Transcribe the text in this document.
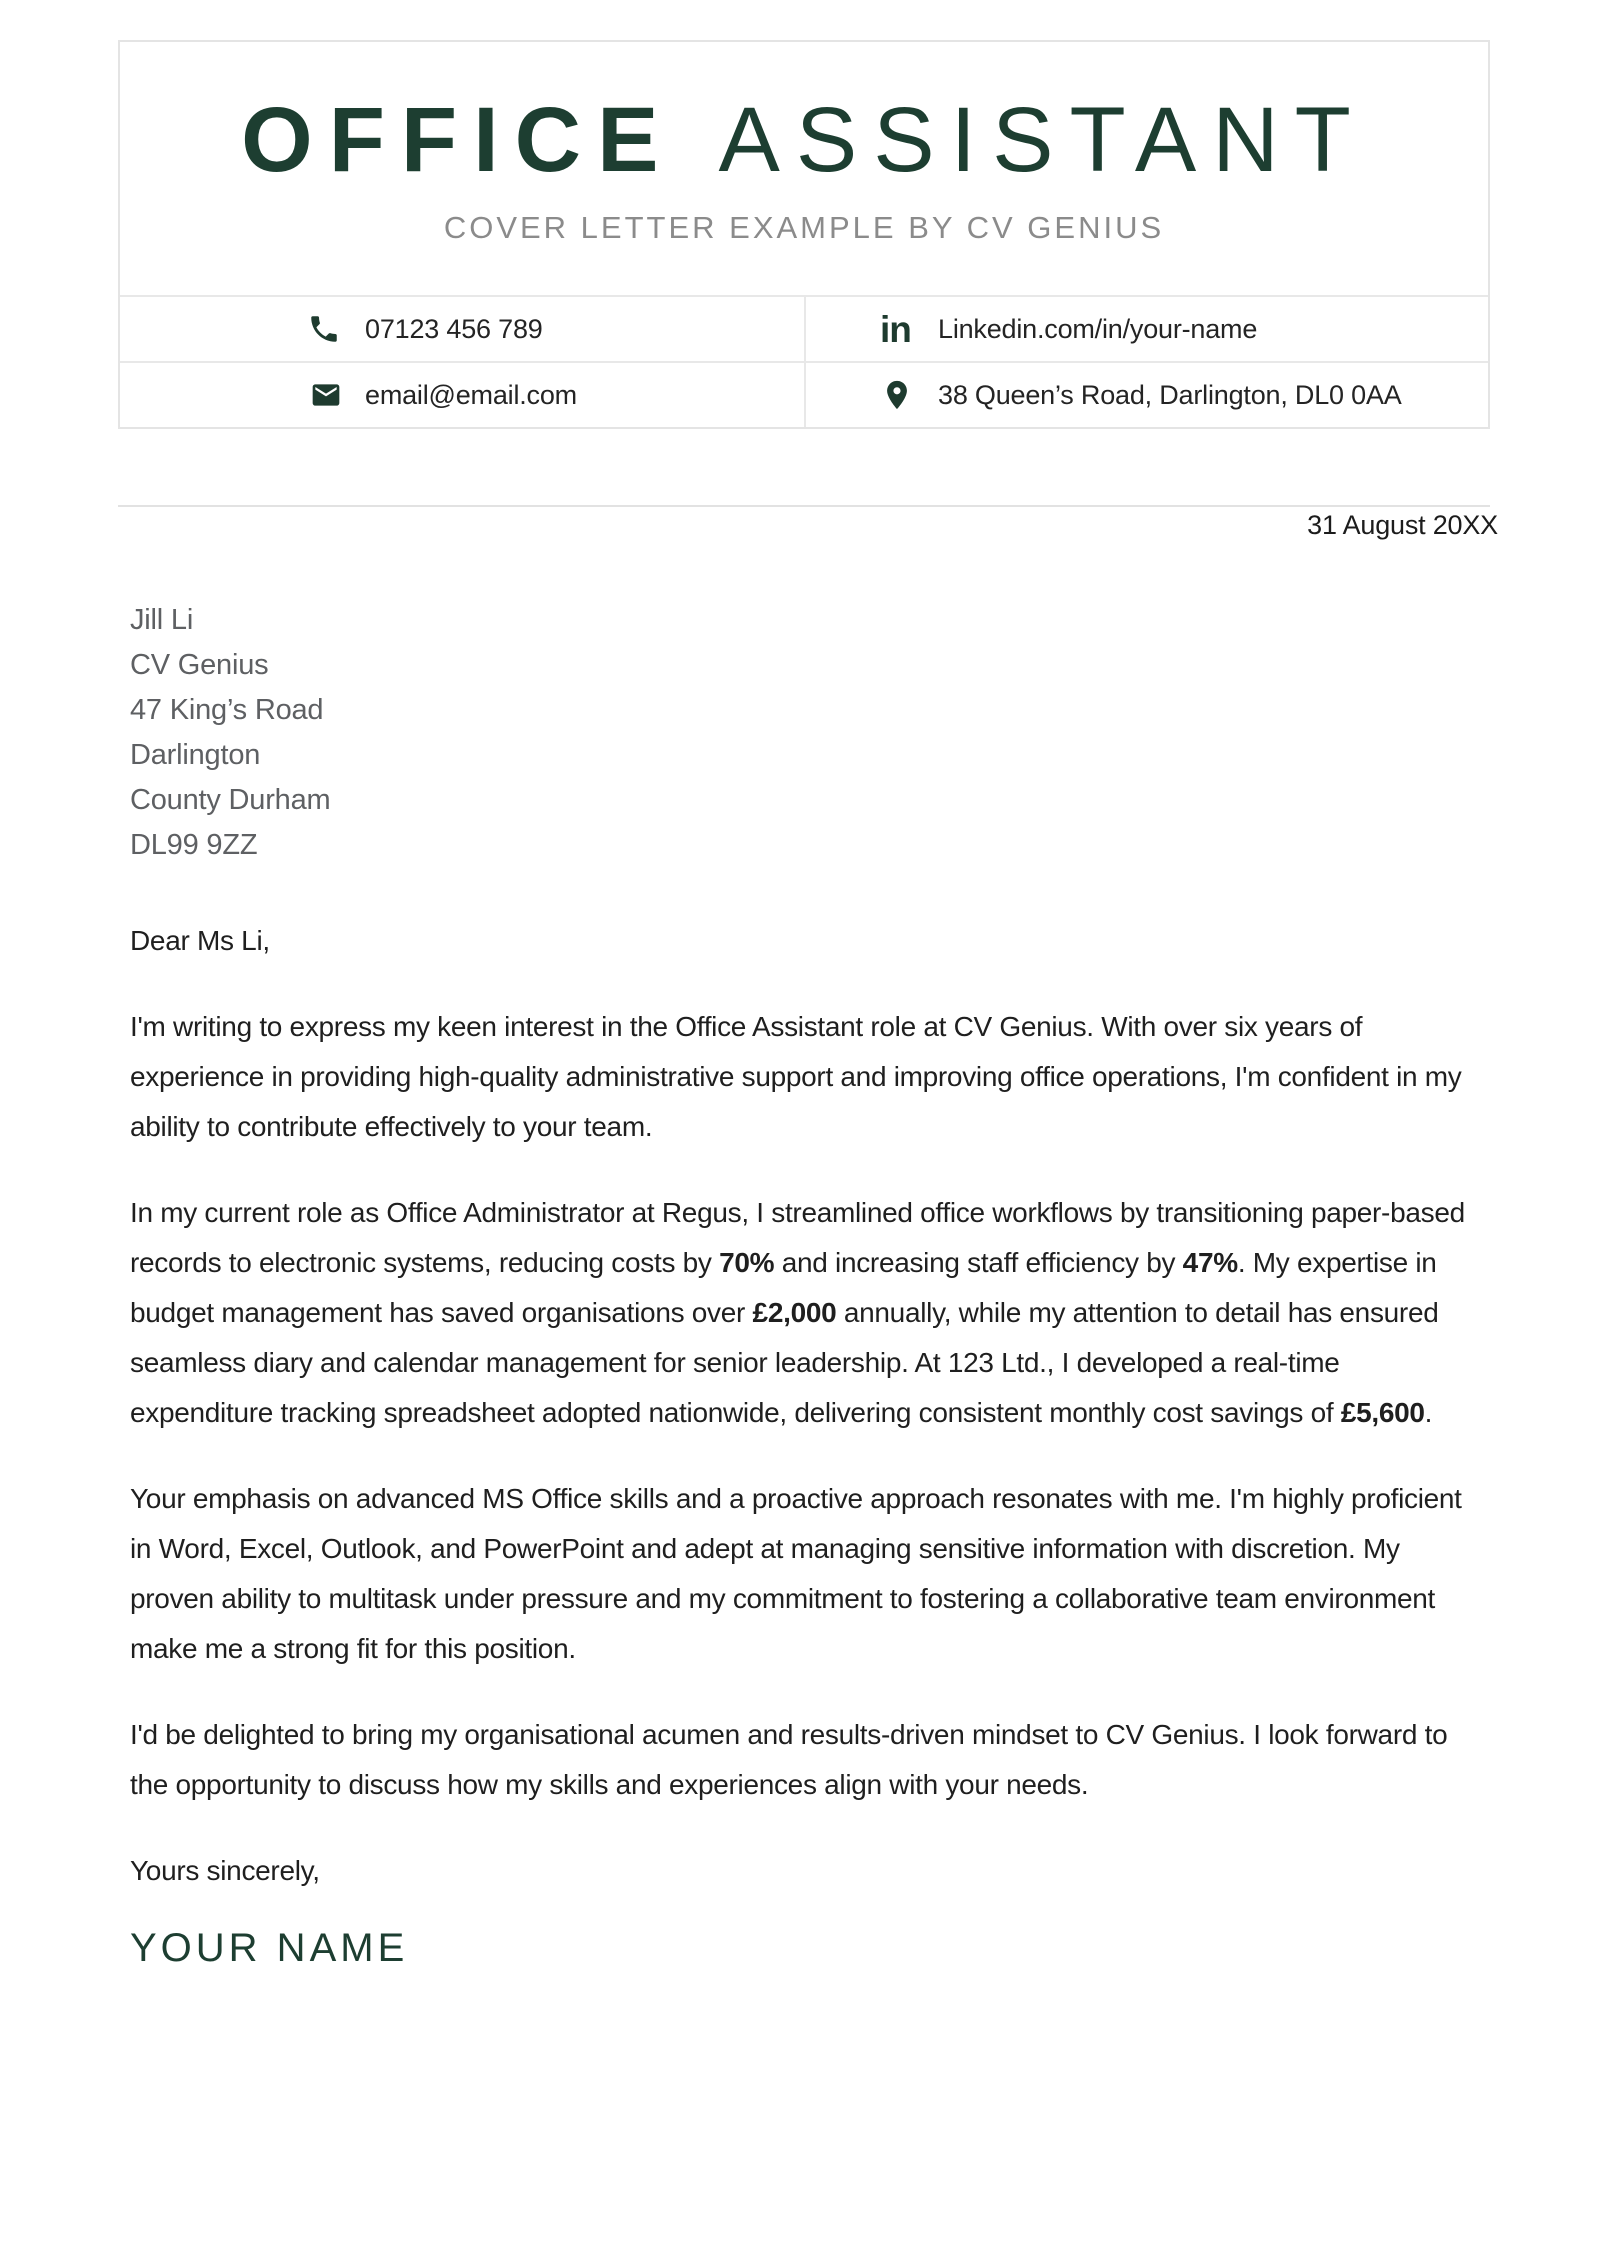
OFFICE ASSISTANT
COVER LETTER EXAMPLE BY CV GENIUS
07123 456 789	in Linkedin.com/in/your-name
email@email.com	38 Queen’s Road, Darlington, DL0 0AA
31 August 20XX
Jill Li
CV Genius
47 King’s Road
Darlington
County Durham
DL99 9ZZ

Dear Ms Li,

I'm writing to express my keen interest in the Office Assistant role at CV Genius. With over six years of experience in providing high-quality administrative support and improving office operations, I'm confident in my ability to contribute effectively to your team.

In my current role as Office Administrator at Regus, I streamlined office workflows by transitioning paper-based records to electronic systems, reducing costs by 70% and increasing staff efficiency by 47%. My expertise in budget management has saved organisations over £2,000 annually, while my attention to detail has ensured seamless diary and calendar management for senior leadership. At 123 Ltd., I developed a real-time expenditure tracking spreadsheet adopted nationwide, delivering consistent monthly cost savings of £5,600.

Your emphasis on advanced MS Office skills and a proactive approach resonates with me. I'm highly proficient in Word, Excel, Outlook, and PowerPoint and adept at managing sensitive information with discretion. My proven ability to multitask under pressure and my commitment to fostering a collaborative team environment make me a strong fit for this position.

I'd be delighted to bring my organisational acumen and results-driven mindset to CV Genius. I look forward to the opportunity to discuss how my skills and experiences align with your needs.

Yours sincerely,

YOUR NAME
